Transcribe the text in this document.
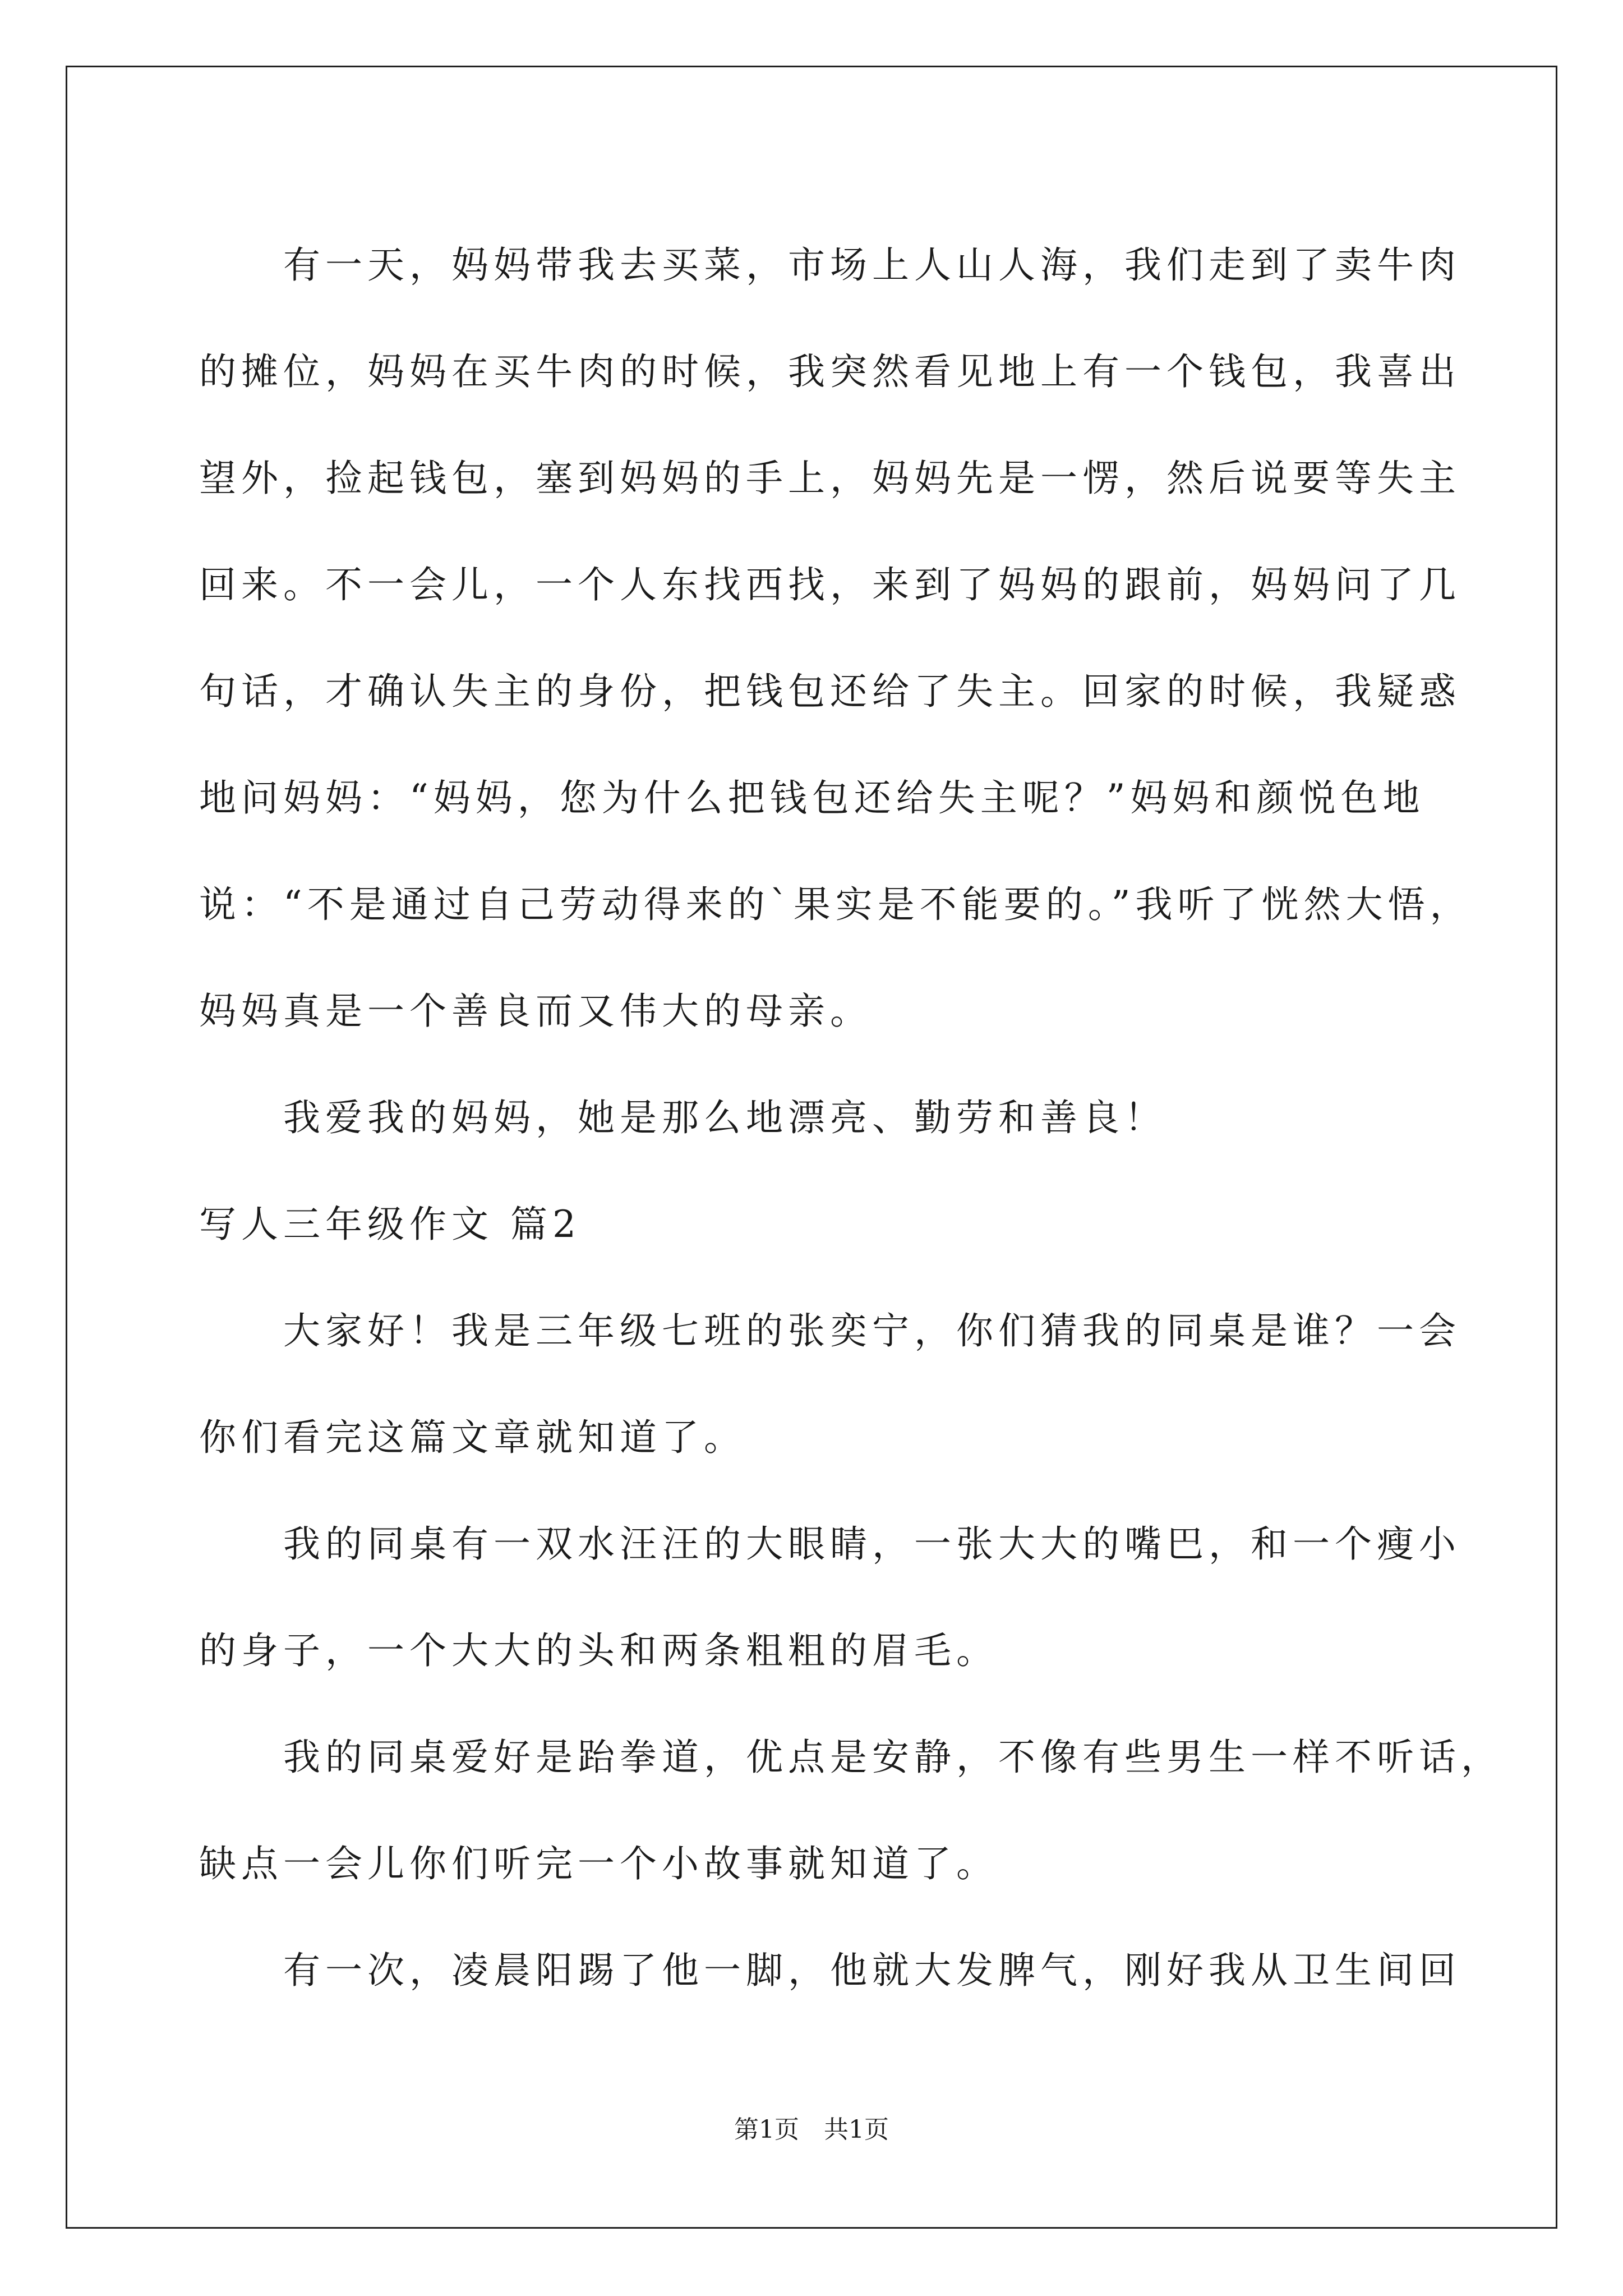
有一天，妈妈带我去买菜，市场上人山人海，我们走到了卖牛肉
的摊位，妈妈在买牛肉的时候，我突然看见地上有一个钱包，我喜出
望外，捡起钱包，塞到妈妈的手上，妈妈先是一愣，然后说要等失主
回来。不一会儿，一个人东找西找，来到了妈妈的跟前，妈妈问了几
句话，才确认失主的身份，把钱包还给了失主。回家的时候，我疑惑
地问妈妈：“妈妈，您为什么把钱包还给失主呢？”妈妈和颜悦色地
说：“不是通过自己劳动得来的`果实是不能要的。”我听了恍然大悟，
妈妈真是一个善良而又伟大的母亲。
我爱我的妈妈，她是那么地漂亮、勤劳和善良！
写人三年级作文 篇2
大家好！我是三年级七班的张奕宁，你们猜我的同桌是谁？一会
你们看完这篇文章就知道了。
我的同桌有一双水汪汪的大眼睛，一张大大的嘴巴，和一个瘦小
的身子，一个大大的头和两条粗粗的眉毛。
我的同桌爱好是跆拳道，优点是安静，不像有些男生一样不听话，
缺点一会儿你们听完一个小故事就知道了。
有一次，凌晨阳踢了他一脚，他就大发脾气，刚好我从卫生间回
第1页　共1页
